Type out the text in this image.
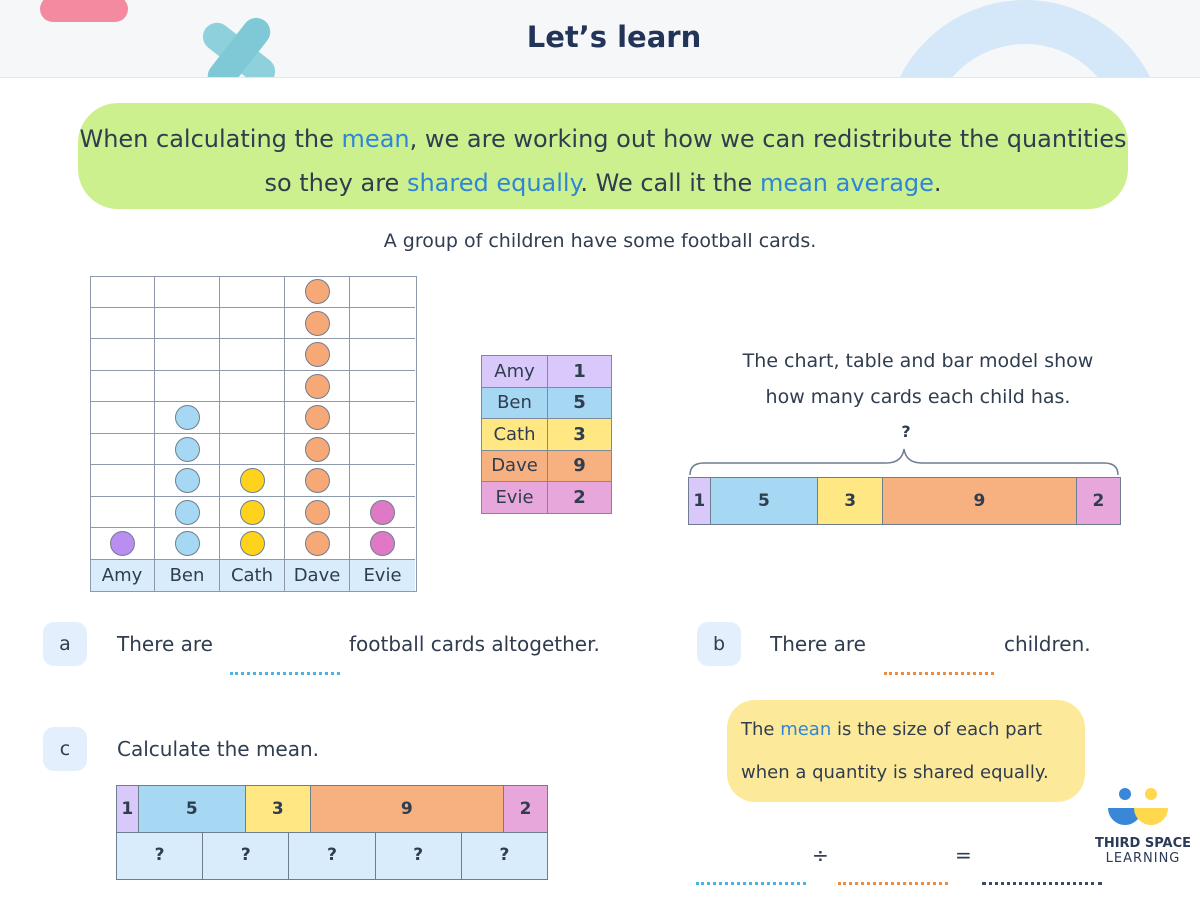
Let’s learn
When calculating the mean, we are working out how we can redistribute the quantities so they are shared equally. We call it the mean average.
A group of children have some football cards.
Amy	Ben	Cath	Dave	Evie
Amy	1
Ben	5
Cath	3
Dave	9
Evie	2
The chart, table and bar model show
how many cards each child has.
?
1	5	3	9	2
a	There are	football cards altogether.	b	There are	children.
c	Calculate the mean.
1	5	3	9	2
?	?	?	?	?
The mean is the size of each part
when a quantity is shared equally.
÷	=	THIRD SPACE
LEARNING
